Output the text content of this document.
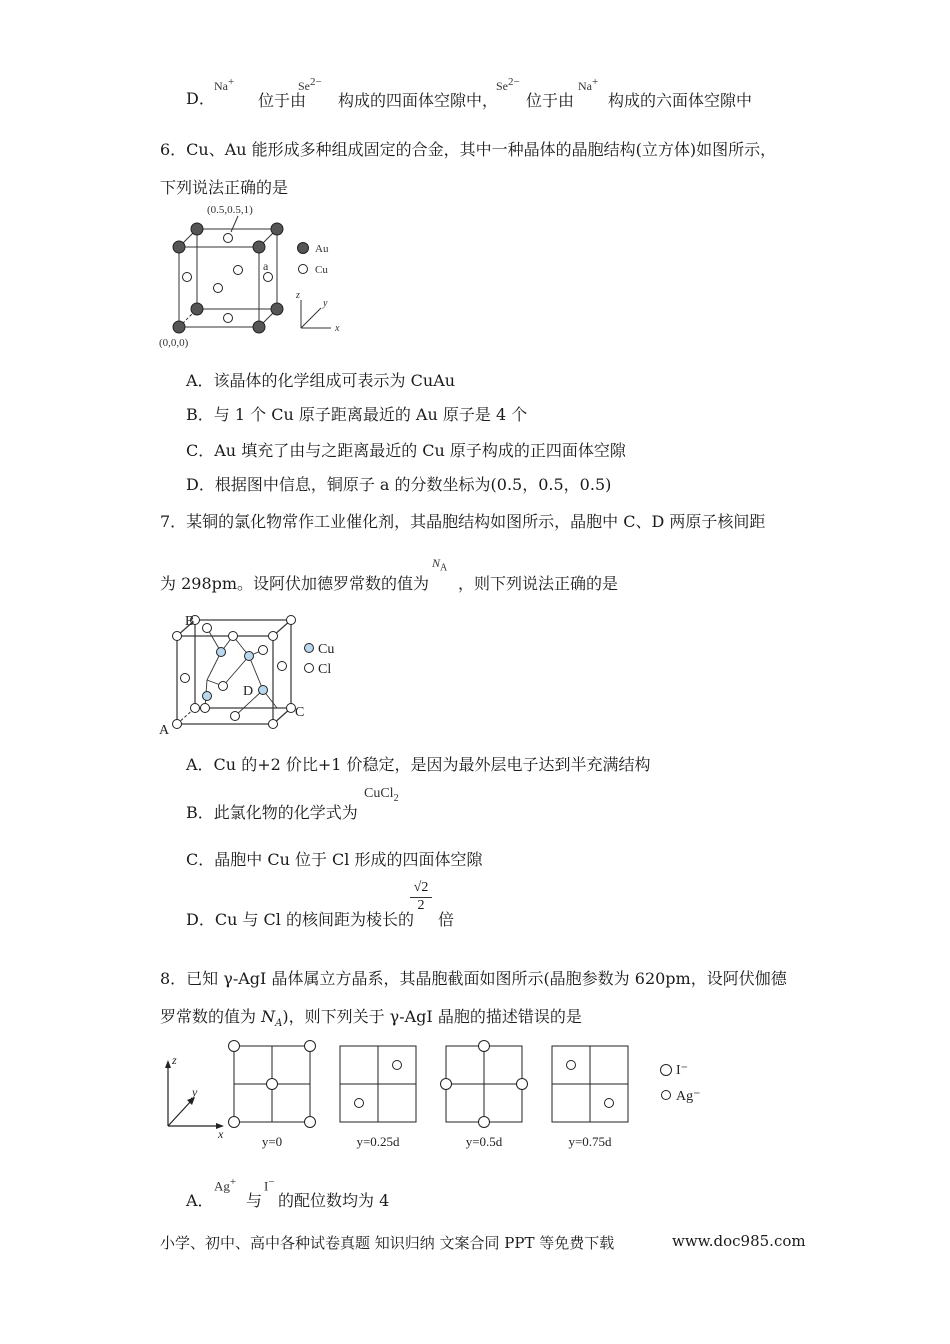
D．
Na+
位于由
Se2−
构成的四面体空隙中，
Se2−
位于由
Na+
构成的六面体空隙中
6．Cu、Au 能形成多种组成固定的合金，其中一种晶体的晶胞结构(立方体)如图所示，
下列说法正确的是
(0.5,0.5,1)
(0,0,0)
a
Au
Cu
z
x
y
A．该晶体的化学组成可表示为 CuAu
B．与 1 个 Cu 原子距离最近的 Au 原子是 4 个
C．Au 填充了由与之距离最近的 Cu 原子构成的正四面体空隙
D．根据图中信息，铜原子 a 的分数坐标为(0.5，0.5，0.5)
7．某铜的氯化物常作工业催化剂，其晶胞结构如图所示，晶胞中 C、D 两原子核间距
为 298pm。设阿伏加德罗常数的值为
$N_A$
，则下列说法正确的是
B
A
C
D
Cu
Cl
A．Cu 的+2 价比+1 价稳定，是因为最外层电子达到半充满结构
B．此氯化物的化学式为
CuCl$_2$
C．晶胞中 Cu 位于 Cl 形成的四面体空隙
D．Cu 与 Cl 的核间距为棱长的
$\frac{√2}{2}$
倍
8．已知 γ-AgI 晶体属立方晶系，其晶胞截面如图所示(晶胞参数为 620pm，设阿伏伽德
罗常数的值为 $N_A$)，则下列关于 γ-AgI 晶胞的描述错误的是
z
x
y
y=0	y=0.25d	y=0.5d	y=0.75d
I⁻
Ag⁻
A．
Ag+
与
I−
的配位数均为 4
小学、初中、高中各种试卷真题 知识归纳 文案合同 PPT 等免费下载	www.doc985.com
